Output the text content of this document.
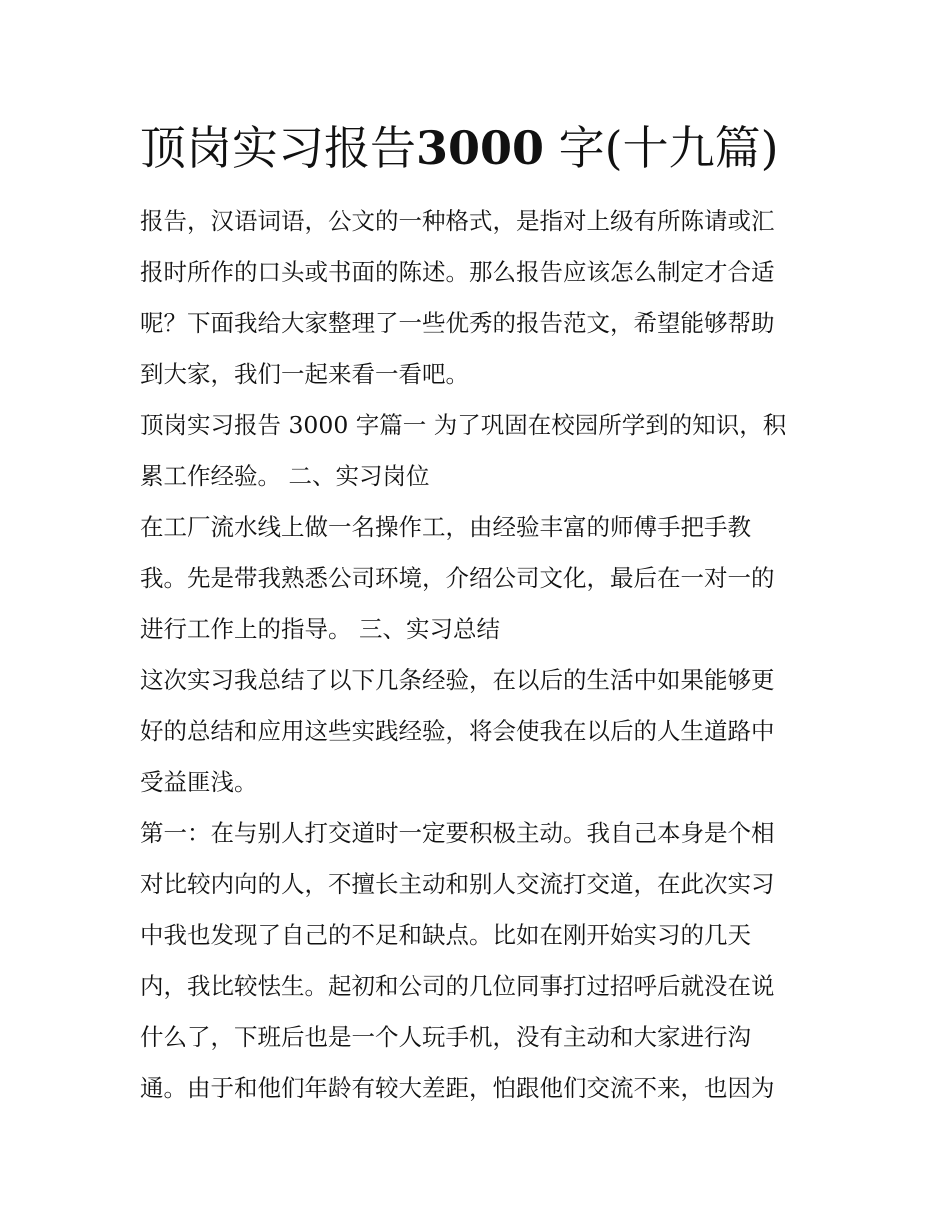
顶岗实习报告3000 字(十九篇)
报告，汉语词语，公文的一种格式，是指对上级有所陈请或汇
报时所作的口头或书面的陈述。那么报告应该怎么制定才合适
呢？下面我给大家整理了一些优秀的报告范文，希望能够帮助
到大家，我们一起来看一看吧。
顶岗实习报告 3000 字篇一 为了巩固在校园所学到的知识，积
累工作经验。 二、实习岗位
在工厂流水线上做一名操作工，由经验丰富的师傅手把手教
我。先是带我熟悉公司环境，介绍公司文化，最后在一对一的
进行工作上的指导。 三、实习总结
这次实习我总结了以下几条经验，在以后的生活中如果能够更
好的总结和应用这些实践经验，将会使我在以后的人生道路中
受益匪浅。
第一：在与别人打交道时一定要积极主动。我自己本身是个相
对比较内向的人，不擅长主动和别人交流打交道，在此次实习
中我也发现了自己的不足和缺点。比如在刚开始实习的几天
内，我比较怯生。起初和公司的几位同事打过招呼后就没在说
什么了，下班后也是一个人玩手机，没有主动和大家进行沟
通。由于和他们年龄有较大差距，怕跟他们交流不来，也因为
